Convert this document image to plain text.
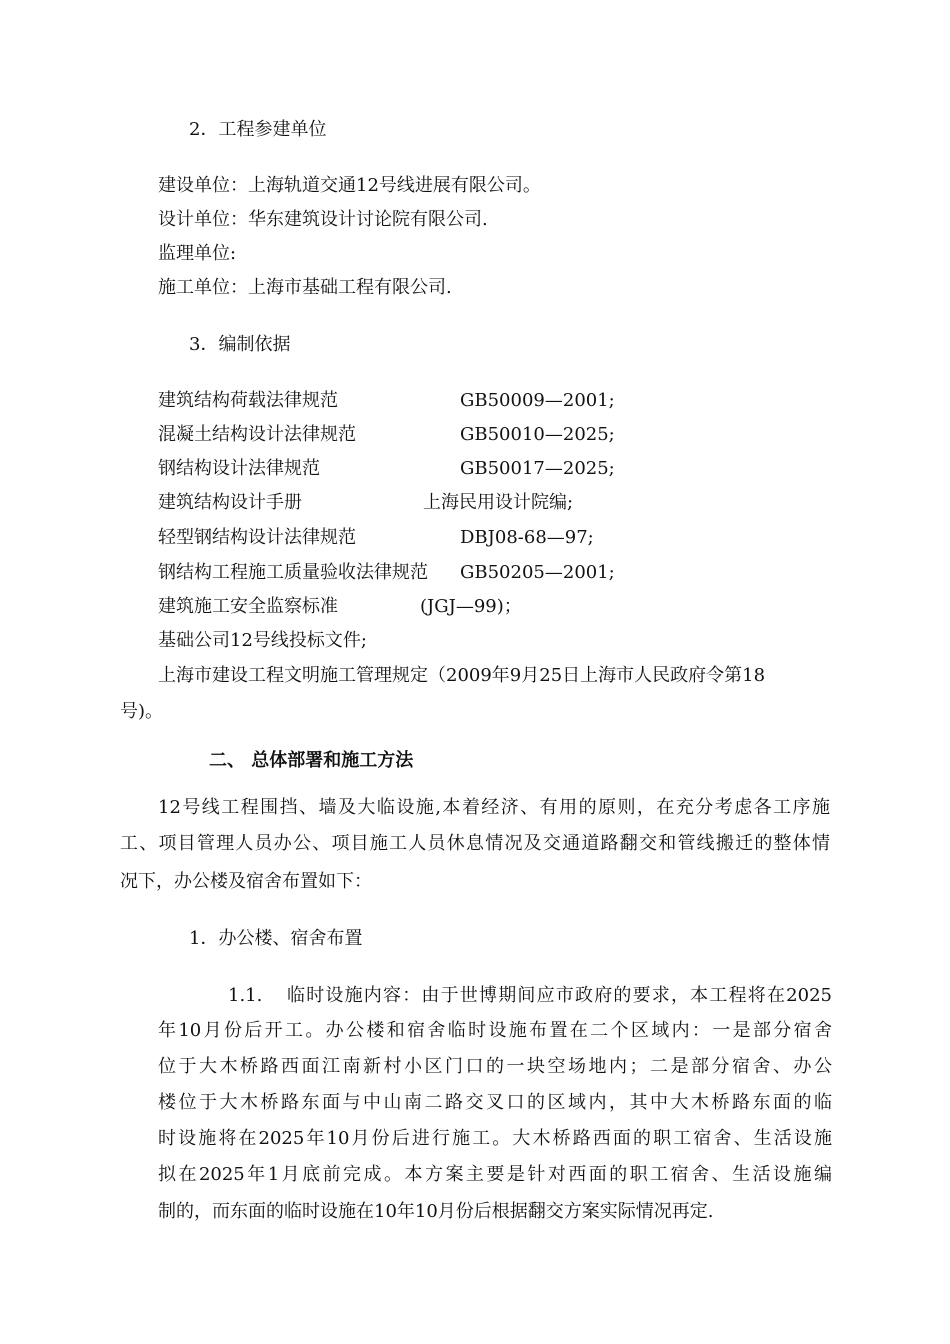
2．工程参建单位
建设单位：上海轨道交通12号线进展有限公司。
设计单位：华东建筑设计讨论院有限公司.
监理单位:
施工单位：上海市基础工程有限公司.
3．编制依据
建筑结构荷载法律规范	GB50009—2001;
混凝土结构设计法律规范	GB50010—2025;
钢结构设计法律规范	GB50017—2025;
建筑结构设计手册	上海民用设计院编;
轻型钢结构设计法律规范	DBJ08-68—97;
钢结构工程施工质量验收法律规范 GB50205—2001;
建筑施工安全监察标准	(JGJ—99)；
基础公司12号线投标文件;
上海市建设工程文明施工管理规定（2009年9月25日上海市人民政府令第18
号)。
二、 总体部署和施工方法
12号线工程围挡、墙及大临设施,本着经济、有用的原则，在充分考虑各工序施
工、项目管理人员办公、项目施工人员休息情况及交通道路翻交和管线搬迁的整体情
况下，办公楼及宿舍布置如下：
1．办公楼、宿舍布置
1.1. 临时设施内容：由于世博期间应市政府的要求，本工程将在2025
年10月份后开工。办公楼和宿舍临时设施布置在二个区域内：一是部分宿舍
位于大木桥路西面江南新村小区门口的一块空场地内；二是部分宿舍、办公
楼位于大木桥路东面与中山南二路交叉口的区域内，其中大木桥路东面的临
时设施将在2025年10月份后进行施工。大木桥路西面的职工宿舍、生活设施
拟在2025年1月底前完成。本方案主要是针对西面的职工宿舍、生活设施编
制的，而东面的临时设施在10年10月份后根据翻交方案实际情况再定.
